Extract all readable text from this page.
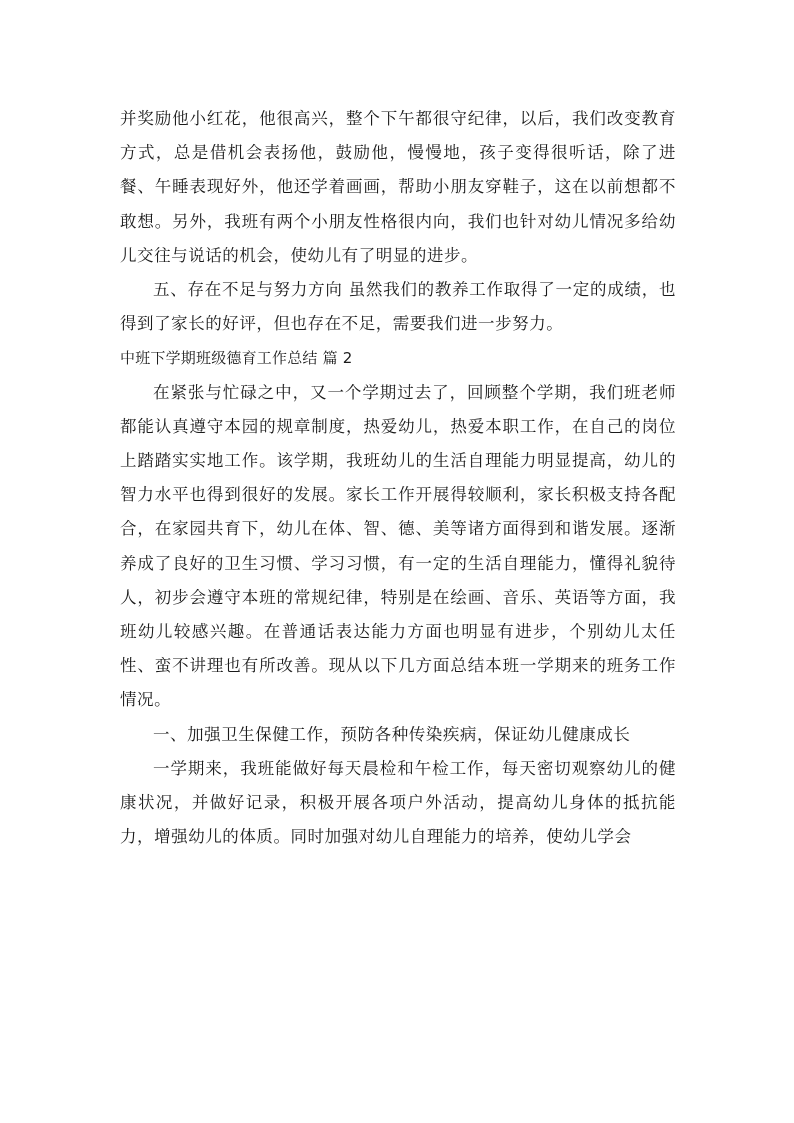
并奖励他小红花，他很高兴，整个下午都很守纪律，以后，我们改变教育方式，总是借机会表扬他，鼓励他，慢慢地，孩子变得很听话，除了进餐、午睡表现好外，他还学着画画，帮助小朋友穿鞋子，这在以前想都不敢想。另外，我班有两个小朋友性格很内向，我们也针对幼儿情况多给幼儿交往与说话的机会，使幼儿有了明显的进步。

五、存在不足与努力方向 虽然我们的教养工作取得了一定的成绩，也得到了家长的好评，但也存在不足，需要我们进一步努力。

中班下学期班级德育工作总结 篇 2

在紧张与忙碌之中，又一个学期过去了，回顾整个学期，我们班老师都能认真遵守本园的规章制度，热爱幼儿，热爱本职工作，在自己的岗位上踏踏实实地工作。该学期，我班幼儿的生活自理能力明显提高，幼儿的智力水平也得到很好的发展。家长工作开展得较顺利，家长积极支持各配合，在家园共育下，幼儿在体、智、德、美等诸方面得到和谐发展。逐渐养成了良好的卫生习惯、学习习惯，有一定的生活自理能力，懂得礼貌待人，初步会遵守本班的常规纪律，特别是在绘画、音乐、英语等方面，我班幼儿较感兴趣。在普通话表达能力方面也明显有进步，个别幼儿太任性、蛮不讲理也有所改善。现从以下几方面总结本班一学期来的班务工作情况。

一、加强卫生保健工作，预防各种传染疾病，保证幼儿健康成长

一学期来，我班能做好每天晨检和午检工作，每天密切观察幼儿的健康状况，并做好记录，积极开展各项户外活动，提高幼儿身体的抵抗能力，增强幼儿的体质。同时加强对幼儿自理能力的培养，使幼儿学会
